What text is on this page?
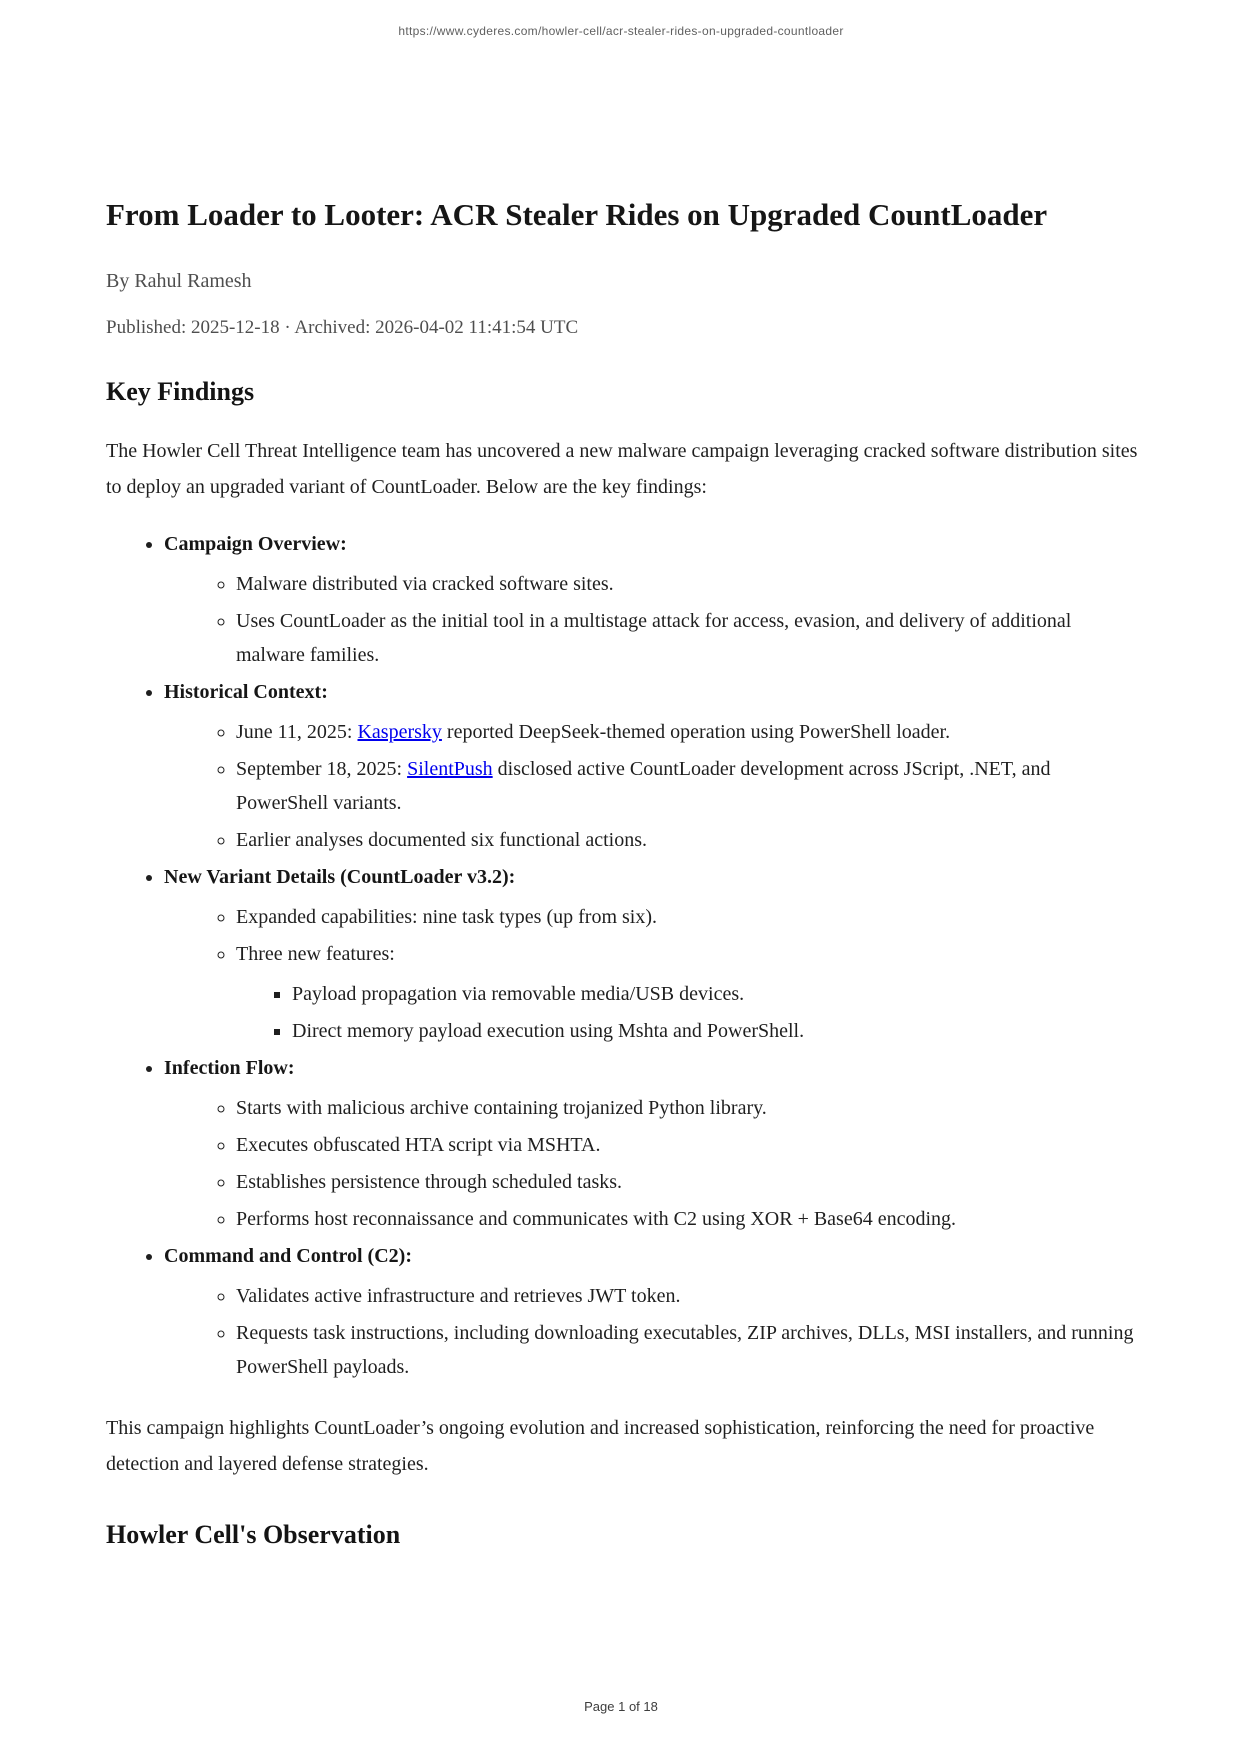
https://www.cyderes.com/howler-cell/acr-stealer-rides-on-upgraded-countloader
From Loader to Looter: ACR Stealer Rides on Upgraded CountLoader

By Rahul Ramesh

Published: 2025-12-18 · Archived: 2026-04-02 11:41:54 UTC

Key Findings

The Howler Cell Threat Intelligence team has uncovered a new malware campaign leveraging cracked software distribution sites to deploy an upgraded variant of CountLoader. Below are the key findings:

• Campaign Overview:
◦ Malware distributed via cracked software sites.
◦ Uses CountLoader as the initial tool in a multistage attack for access, evasion, and delivery of additional malware families.
• Historical Context:
◦ June 11, 2025: Kaspersky reported DeepSeek-themed operation using PowerShell loader.
◦ September 18, 2025: SilentPush disclosed active CountLoader development across JScript, .NET, and PowerShell variants.
◦ Earlier analyses documented six functional actions.
• New Variant Details (CountLoader v3.2):
◦ Expanded capabilities: nine task types (up from six).
◦ Three new features:
▪ Payload propagation via removable media/USB devices.
▪ Direct memory payload execution using Mshta and PowerShell.
• Infection Flow:
◦ Starts with malicious archive containing trojanized Python library.
◦ Executes obfuscated HTA script via MSHTA.
◦ Establishes persistence through scheduled tasks.
◦ Performs host reconnaissance and communicates with C2 using XOR + Base64 encoding.
• Command and Control (C2):
◦ Validates active infrastructure and retrieves JWT token.
◦ Requests task instructions, including downloading executables, ZIP archives, DLLs, MSI installers, and running PowerShell payloads.

This campaign highlights CountLoader’s ongoing evolution and increased sophistication, reinforcing the need for proactive detection and layered defense strategies.

Howler Cell's Observation
Page 1 of 18
